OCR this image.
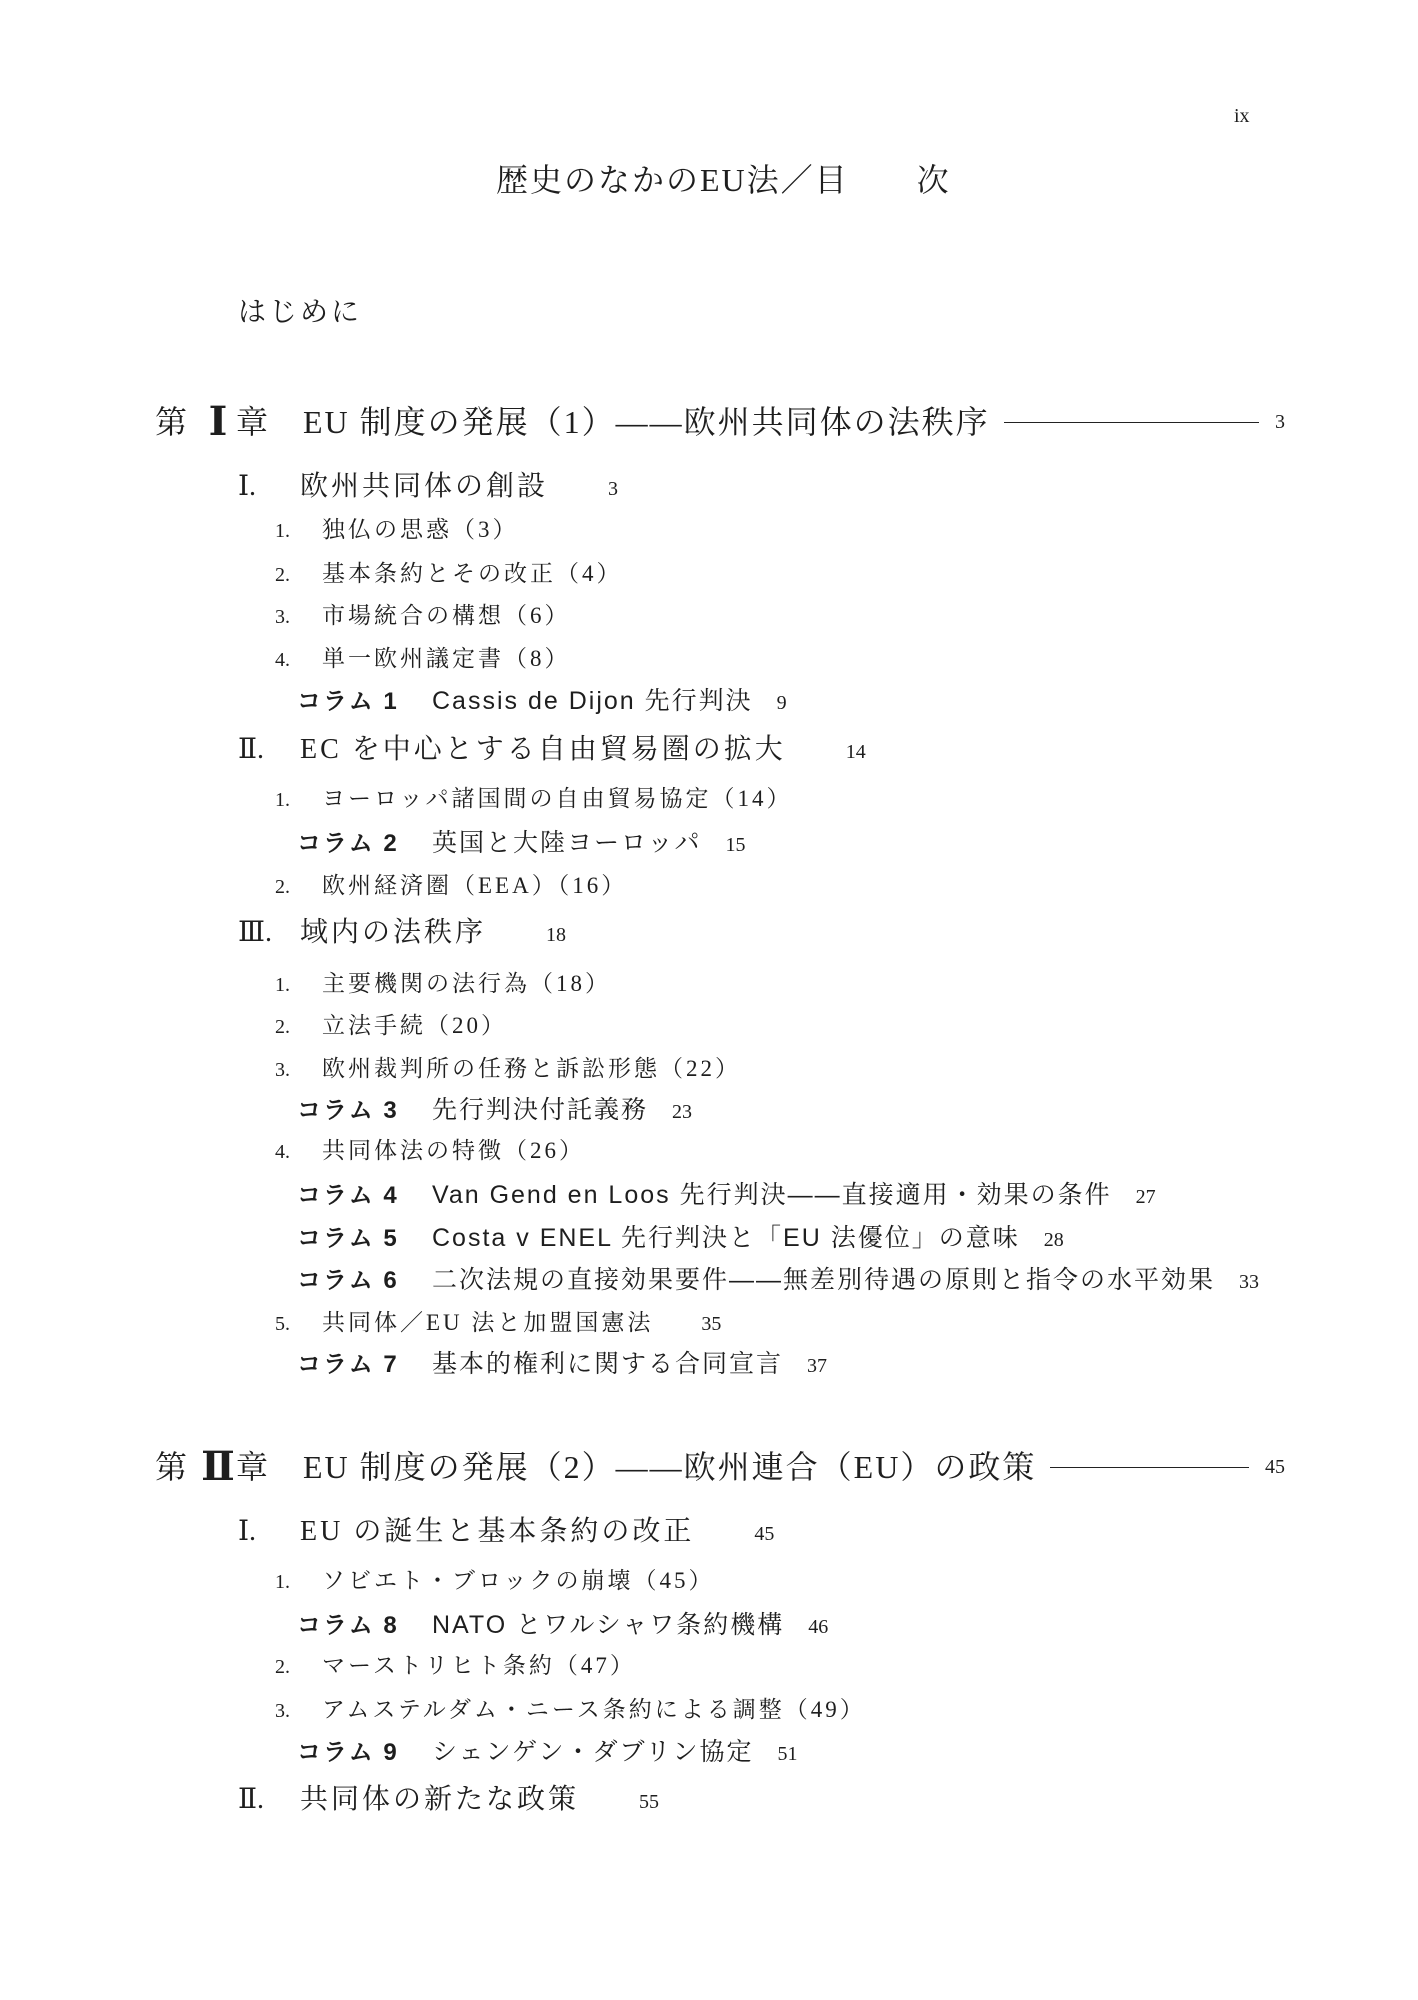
ix
歴史のなかのEU法／目　　次
はじめに
第 Ⅰ 章	EU 制度の発展（1）——欧州共同体の法秩序	3
Ⅰ.	欧州共同体の創設	3
1.	独仏の思惑（3）
2.	基本条約とその改正（4）
3.	市場統合の構想（6）
4.	単一欧州議定書（8）
コラム 1	Cassis de Dijon 先行判決 9
Ⅱ.	EC を中心とする自由貿易圏の拡大	14
1.	ヨーロッパ諸国間の自由貿易協定（14）
コラム 2	英国と大陸ヨーロッパ 15
2.	欧州経済圏（EEA）（16）
Ⅲ. 域内の法秩序	18
1.	主要機関の法行為（18）
2.	立法手続（20）
3.	欧州裁判所の任務と訴訟形態（22）
コラム 3	先行判決付託義務 23
4.	共同体法の特徴（26）
コラム 4	Van Gend en Loos 先行判決——直接適用・効果の条件 27
コラム 5	Costa v ENEL 先行判決と「EU 法優位」の意味 28
コラム 6	二次法規の直接効果要件——無差別待遇の原則と指令の水平効果 33
5.	共同体／EU 法と加盟国憲法 35
コラム 7	基本的権利に関する合同宣言 37
第 Ⅱ 章	EU 制度の発展（2）——欧州連合（EU）の政策	45
Ⅰ.	EU の誕生と基本条約の改正	45
1.	ソビエト・ブロックの崩壊（45）
コラム 8	NATO とワルシャワ条約機構 46
2.	マーストリヒト条約（47）
3.	アムステルダム・ニース条約による調整（49）
コラム 9	シェンゲン・ダブリン協定 51
Ⅱ.	共同体の新たな政策	55
